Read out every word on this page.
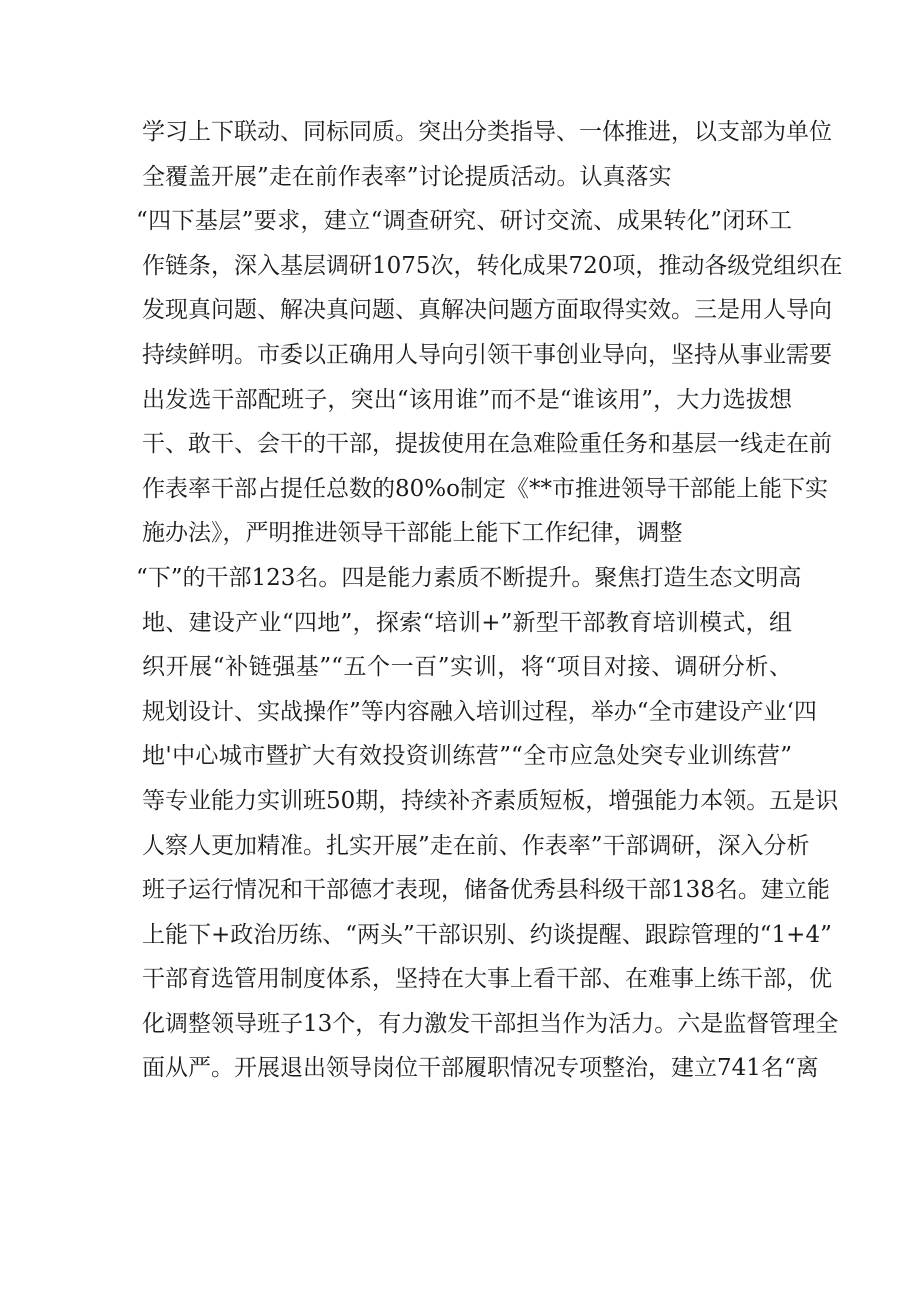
学习上下联动、同标同质。突出分类指导、一体推进，以支部为单位
全覆盖开展”走在前作表率”讨论提质活动。认真落实
“四下基层”要求，建立“调查研究、研讨交流、成果转化”闭环工
作链条，深入基层调研1075次，转化成果720项，推动各级党组织在
发现真问题、解决真问题、真解决问题方面取得实效。三是用人导向
持续鲜明。市委以正确用人导向引领干事创业导向，坚持从事业需要
出发选干部配班子，突出“该用谁”而不是“谁该用”，大力选拔想
干、敢干、会干的干部，提拔使用在急难险重任务和基层一线走在前
作表率干部占提任总数的80%o制定《**市推进领导干部能上能下实
施办法》，严明推进领导干部能上能下工作纪律，调整
“下”的干部123名。四是能力素质不断提升。聚焦打造生态文明高
地、建设产业“四地”，探索“培训+”新型干部教育培训模式，组
织开展“补链强基”“五个一百”实训，将“项目对接、调研分析、
规划设计、实战操作”等内容融入培训过程，举办“全市建设产业‘四
地'中心城市暨扩大有效投资训练营”“全市应急处突专业训练营”
等专业能力实训班50期，持续补齐素质短板，增强能力本领。五是识
人察人更加精准。扎实开展”走在前、作表率”干部调研，深入分析
班子运行情况和干部德才表现，储备优秀县科级干部138名。建立能
上能下+政治历练、“两头”干部识别、约谈提醒、跟踪管理的“1+4”
干部育选管用制度体系，坚持在大事上看干部、在难事上练干部，优
化调整领导班子13个，有力激发干部担当作为活力。六是监督管理全
面从严。开展退出领导岗位干部履职情况专项整治，建立741名“离
